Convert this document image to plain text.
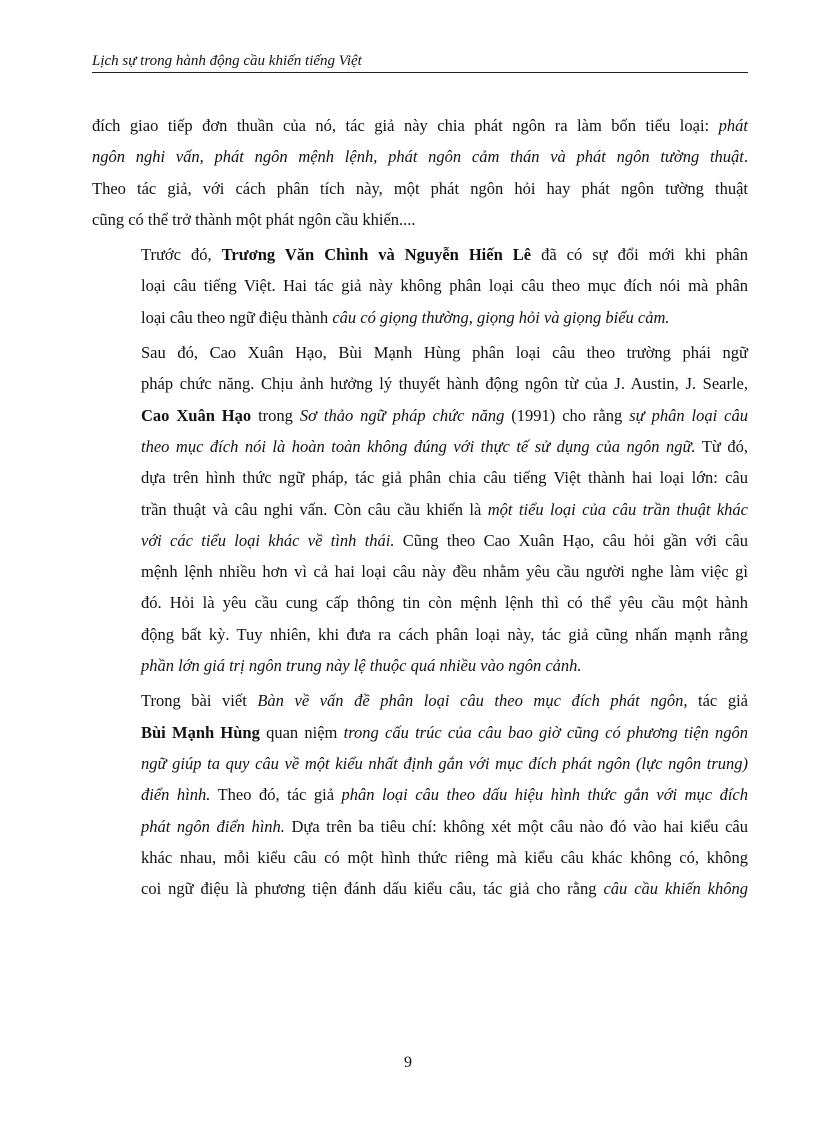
Lịch sự trong hành động cầu khiến tiếng Việt

đích giao tiếp đơn thuần của nó, tác giả này chia phát ngôn ra làm bốn tiểu loại: phát
ngôn nghi vấn, phát ngôn mệnh lệnh, phát ngôn cảm thán và phát ngôn tường thuật.
Theo tác giả, với cách phân tích này, một phát ngôn hỏi hay phát ngôn tường thuật
cũng có thể trở thành một phát ngôn cầu khiến....

Trước đó, Trương Văn Chình và Nguyễn Hiến Lê đã có sự đổi mới khi phân
loại câu tiếng Việt. Hai tác giả này không phân loại câu theo mục đích nói mà phân
loại câu theo ngữ điệu thành câu có giọng thường, giọng hỏi và giọng biểu cảm.

Sau đó, Cao Xuân Hạo, Bùi Mạnh Hùng phân loại câu theo trường phái ngữ
pháp chức năng. Chịu ảnh hưởng lý thuyết hành động ngôn từ của J. Austin, J. Searle,
Cao Xuân Hạo trong Sơ thảo ngữ pháp chức năng (1991) cho rằng sự phân loại câu
theo mục đích nói là hoàn toàn không đúng với thực tế sử dụng của ngôn ngữ. Từ đó,
dựa trên hình thức ngữ pháp, tác giả phân chia câu tiếng Việt thành hai loại lớn: câu
trần thuật và câu nghi vấn. Còn câu cầu khiến là một tiểu loại của câu trần thuật khác
với các tiểu loại khác về tình thái. Cũng theo Cao Xuân Hạo, câu hỏi gần với câu
mệnh lệnh nhiều hơn vì cả hai loại câu này đều nhằm yêu cầu người nghe làm việc gì
đó. Hỏi là yêu cầu cung cấp thông tin còn mệnh lệnh thì có thể yêu cầu một hành
động bất kỳ. Tuy nhiên, khi đưa ra cách phân loại này, tác giả cũng nhấn mạnh rằng
phần lớn giá trị ngôn trung này lệ thuộc quá nhiều vào ngôn cảnh.

Trong bài viết Bàn về vấn đề phân loại câu theo mục đích phát ngôn, tác giả
Bùi Mạnh Hùng quan niệm trong cấu trúc của câu bao giờ cũng có phương tiện ngôn
ngữ giúp ta quy câu về một kiểu nhất định gắn với mục đích phát ngôn (lực ngôn trung)
điển hình. Theo đó, tác giả phân loại câu theo dấu hiệu hình thức gắn với mục đích
phát ngôn điển hình. Dựa trên ba tiêu chí: không xét một câu nào đó vào hai kiểu câu
khác nhau, mỗi kiểu câu có một hình thức riêng mà kiểu câu khác không có, không
coi ngữ điệu là phương tiện đánh dấu kiểu câu, tác giả cho rằng câu cầu khiến không

9
